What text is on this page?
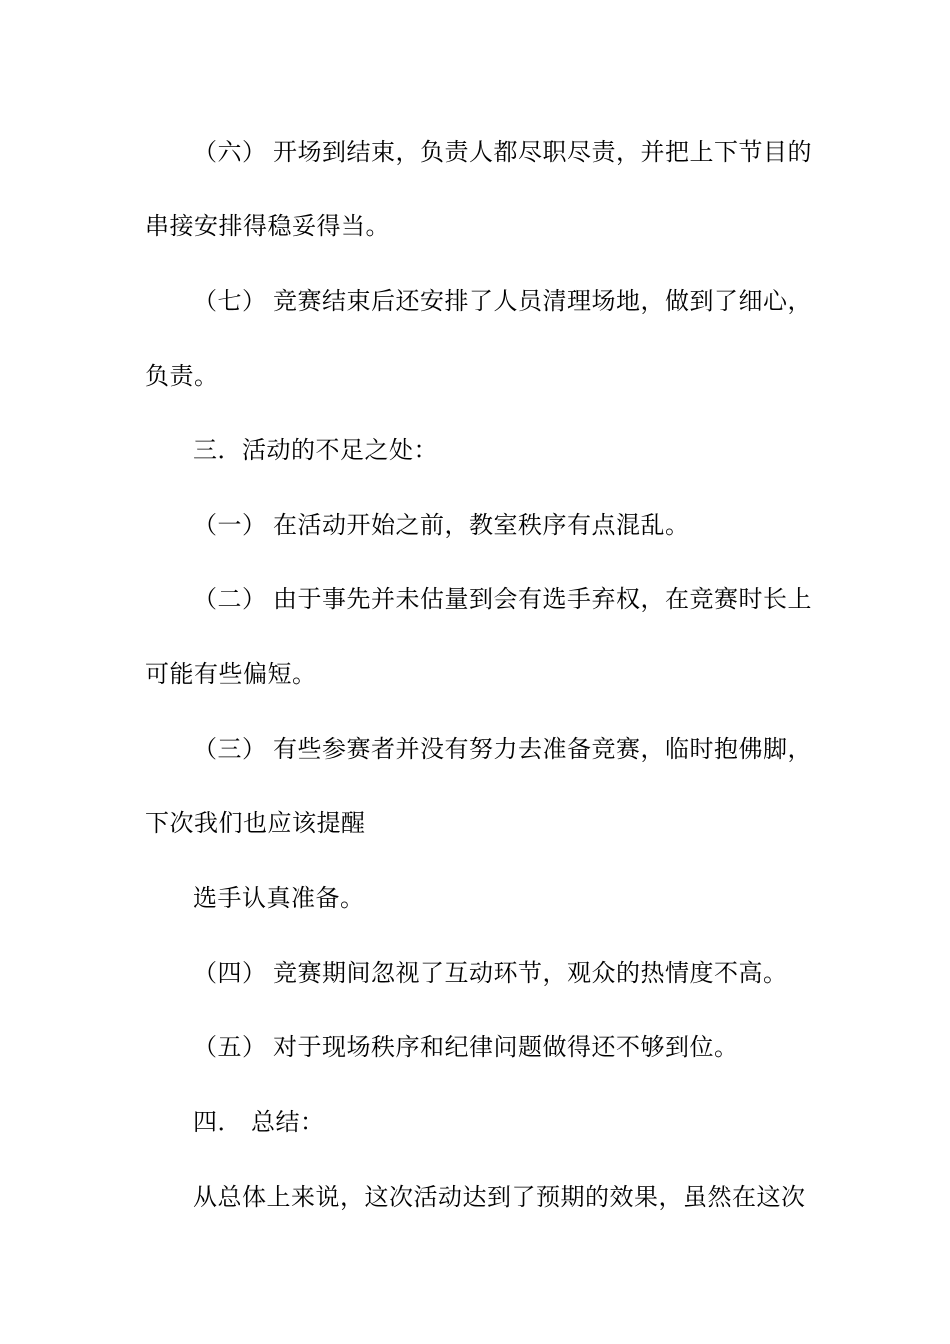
（六） 开场到结束，负责人都尽职尽责，并把上下节目的
串接安排得稳妥得当。
（七） 竞赛结束后还安排了人员清理场地，做到了细心，
负责。
三．活动的不足之处：
（一） 在活动开始之前，教室秩序有点混乱。
（二） 由于事先并未估量到会有选手弃权，在竞赛时长上
可能有些偏短。
（三） 有些参赛者并没有努力去准备竞赛，临时抱佛脚，
下次我们也应该提醒
选手认真准备。
（四） 竞赛期间忽视了互动环节，观众的热情度不高。
（五） 对于现场秩序和纪律问题做得还不够到位。
四． 总结：
从总体上来说，这次活动达到了预期的效果，虽然在这次
